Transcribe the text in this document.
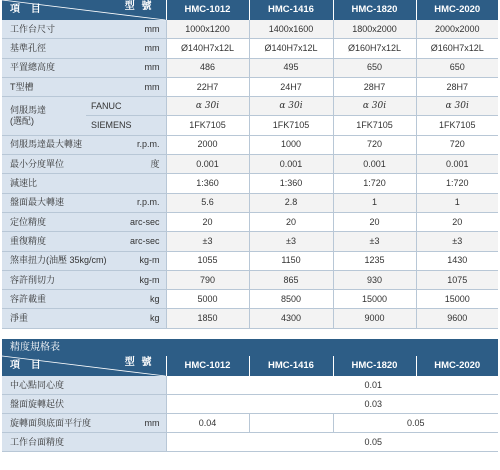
項 目 型 號		HMC-1012	HMC-1416	HMC-1820	HMC-2020
工作台尺寸	mm	1000x1200	1400x1600	1800x2000	2000x2000
基準孔徑	mm	Ø140H7x12L	Ø140H7x12L	Ø160H7x12L	Ø160H7x12L
平置總高度	mm	486	495	650	650
T型槽	mm	22H7	24H7	28H7	28H7

伺服馬達
(選配)	FANUC	α 30i	α 30i	α 30i	α 30i
	SIEMENS	1FK7105	1FK7105	1FK7105	1FK7105
伺服馬達最大轉速	r.p.m.	2000	1000	720	720
最小分度單位	度	0.001	0.001	0.001	0.001
減速比		1:360	1:360	1:720	1:720
盤面最大轉速	r.p.m.	5.6	2.8	1	1
定位精度	arc-sec	20	20	20	20
重復精度	arc-sec	±3	±3	±3	±3
煞車扭力(油壓 35kg/cm)	kg-m	1055	1150	1235	1430
容許削切力	kg-m	790	865	930	1075
容許載重	kg	5000	8500	15000	15000
淨重	kg	1850	4300	9000	9600
精度規格表
項 目 型 號		HMC-1012	HMC-1416	HMC-1820	HMC-2020
中心點同心度		0.01			
盤面旋轉起伏		0.03			
旋轉面與底面平行度	mm	0.04		0.05	
工作台面精度		0.05			
